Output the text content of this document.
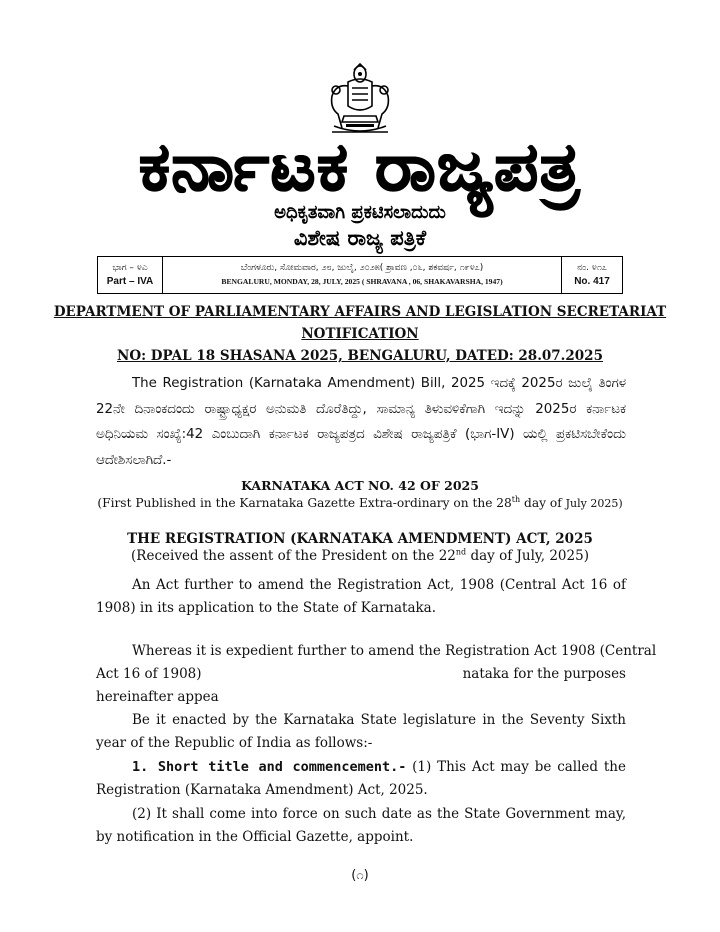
ಕರ್ನಾಟಕ ರಾಜ್ಯಪತ್ರ
ಅಧಿಕೃತವಾಗಿ ಪ್ರಕಟಿಸಲಾದುದು
ವಿಶೇಷ ರಾಜ್ಯ ಪತ್ರಿಕೆ
ಭಾಗ – ೪ಎ
Part – IVA
ಬೆಂಗಳೂರು, ಸೋಮವಾರ, ೨೮, ಜುಲೈ, ೨೦೨೫( ಶ್ರಾವಣ ,೦೬, ಶಕವರ್ಷ, ೧೯೪೭)
BENGALURU, MONDAY, 28, JULY, 2025 ( SHRAVANA , 06, SHAKAVARSHA, 1947)
ನಂ. ೪೧೭
No. 417
DEPARTMENT OF PARLIAMENTARY AFFAIRS AND LEGISLATION SECRETARIAT
NOTIFICATION
NO: DPAL 18 SHASANA 2025, BENGALURU, DATED: 28.07.2025
The Registration (Karnataka Amendment) Bill, 2025 ಇದಕ್ಕೆ 2025ರ ಜುಲೈ ತಿಂಗಳ 22ನೇ ದಿನಾಂಕದಂದು ರಾಷ್ಟ್ರಾಧ್ಯಕ್ಷರ ಅನುಮತಿ ದೊರೆತಿದ್ದು, ಸಾಮಾನ್ಯ ತಿಳುವಳಿಕೆಗಾಗಿ ಇದನ್ನು 2025ರ ಕರ್ನಾಟಕ ಅಧಿನಿಯಮ ಸಂಖ್ಯೆ:42 ಎಂಬುದಾಗಿ ಕರ್ನಾಟಕ ರಾಜ್ಯಪತ್ರದ ವಿಶೇಷ ರಾಜ್ಯಪತ್ರಿಕೆ (ಭಾಗ-IV) ಯಲ್ಲಿ ಪ್ರಕಟಿಸಬೇಕೆಂದು ಆದೇಶಿಸಲಾಗಿದೆ.-
KARNATAKA ACT NO. 42 OF 2025
(First Published in the Karnataka Gazette Extra-ordinary on the 28th day of July 2025)
THE REGISTRATION (KARNATAKA AMENDMENT) ACT, 2025
(Received the assent of the President on the 22nd day of July, 2025)
An Act further to amend the Registration Act, 1908 (Central Act 16 of 1908) in its application to the State of Karnataka.
Whereas it is expedient further to amend the Registration Act 1908 (Central
Act 16 of 1908)	nataka for the purposes
hereinafter appea
Be it enacted by the Karnataka State legislature in the Seventy Sixth year of the Republic of India as follows:-
1. Short title and commencement.- (1) This Act may be called the Registration (Karnataka Amendment) Act, 2025.
(2) It shall come into force on such date as the State Government may, by notification in the Official Gazette, appoint.
(೧)
